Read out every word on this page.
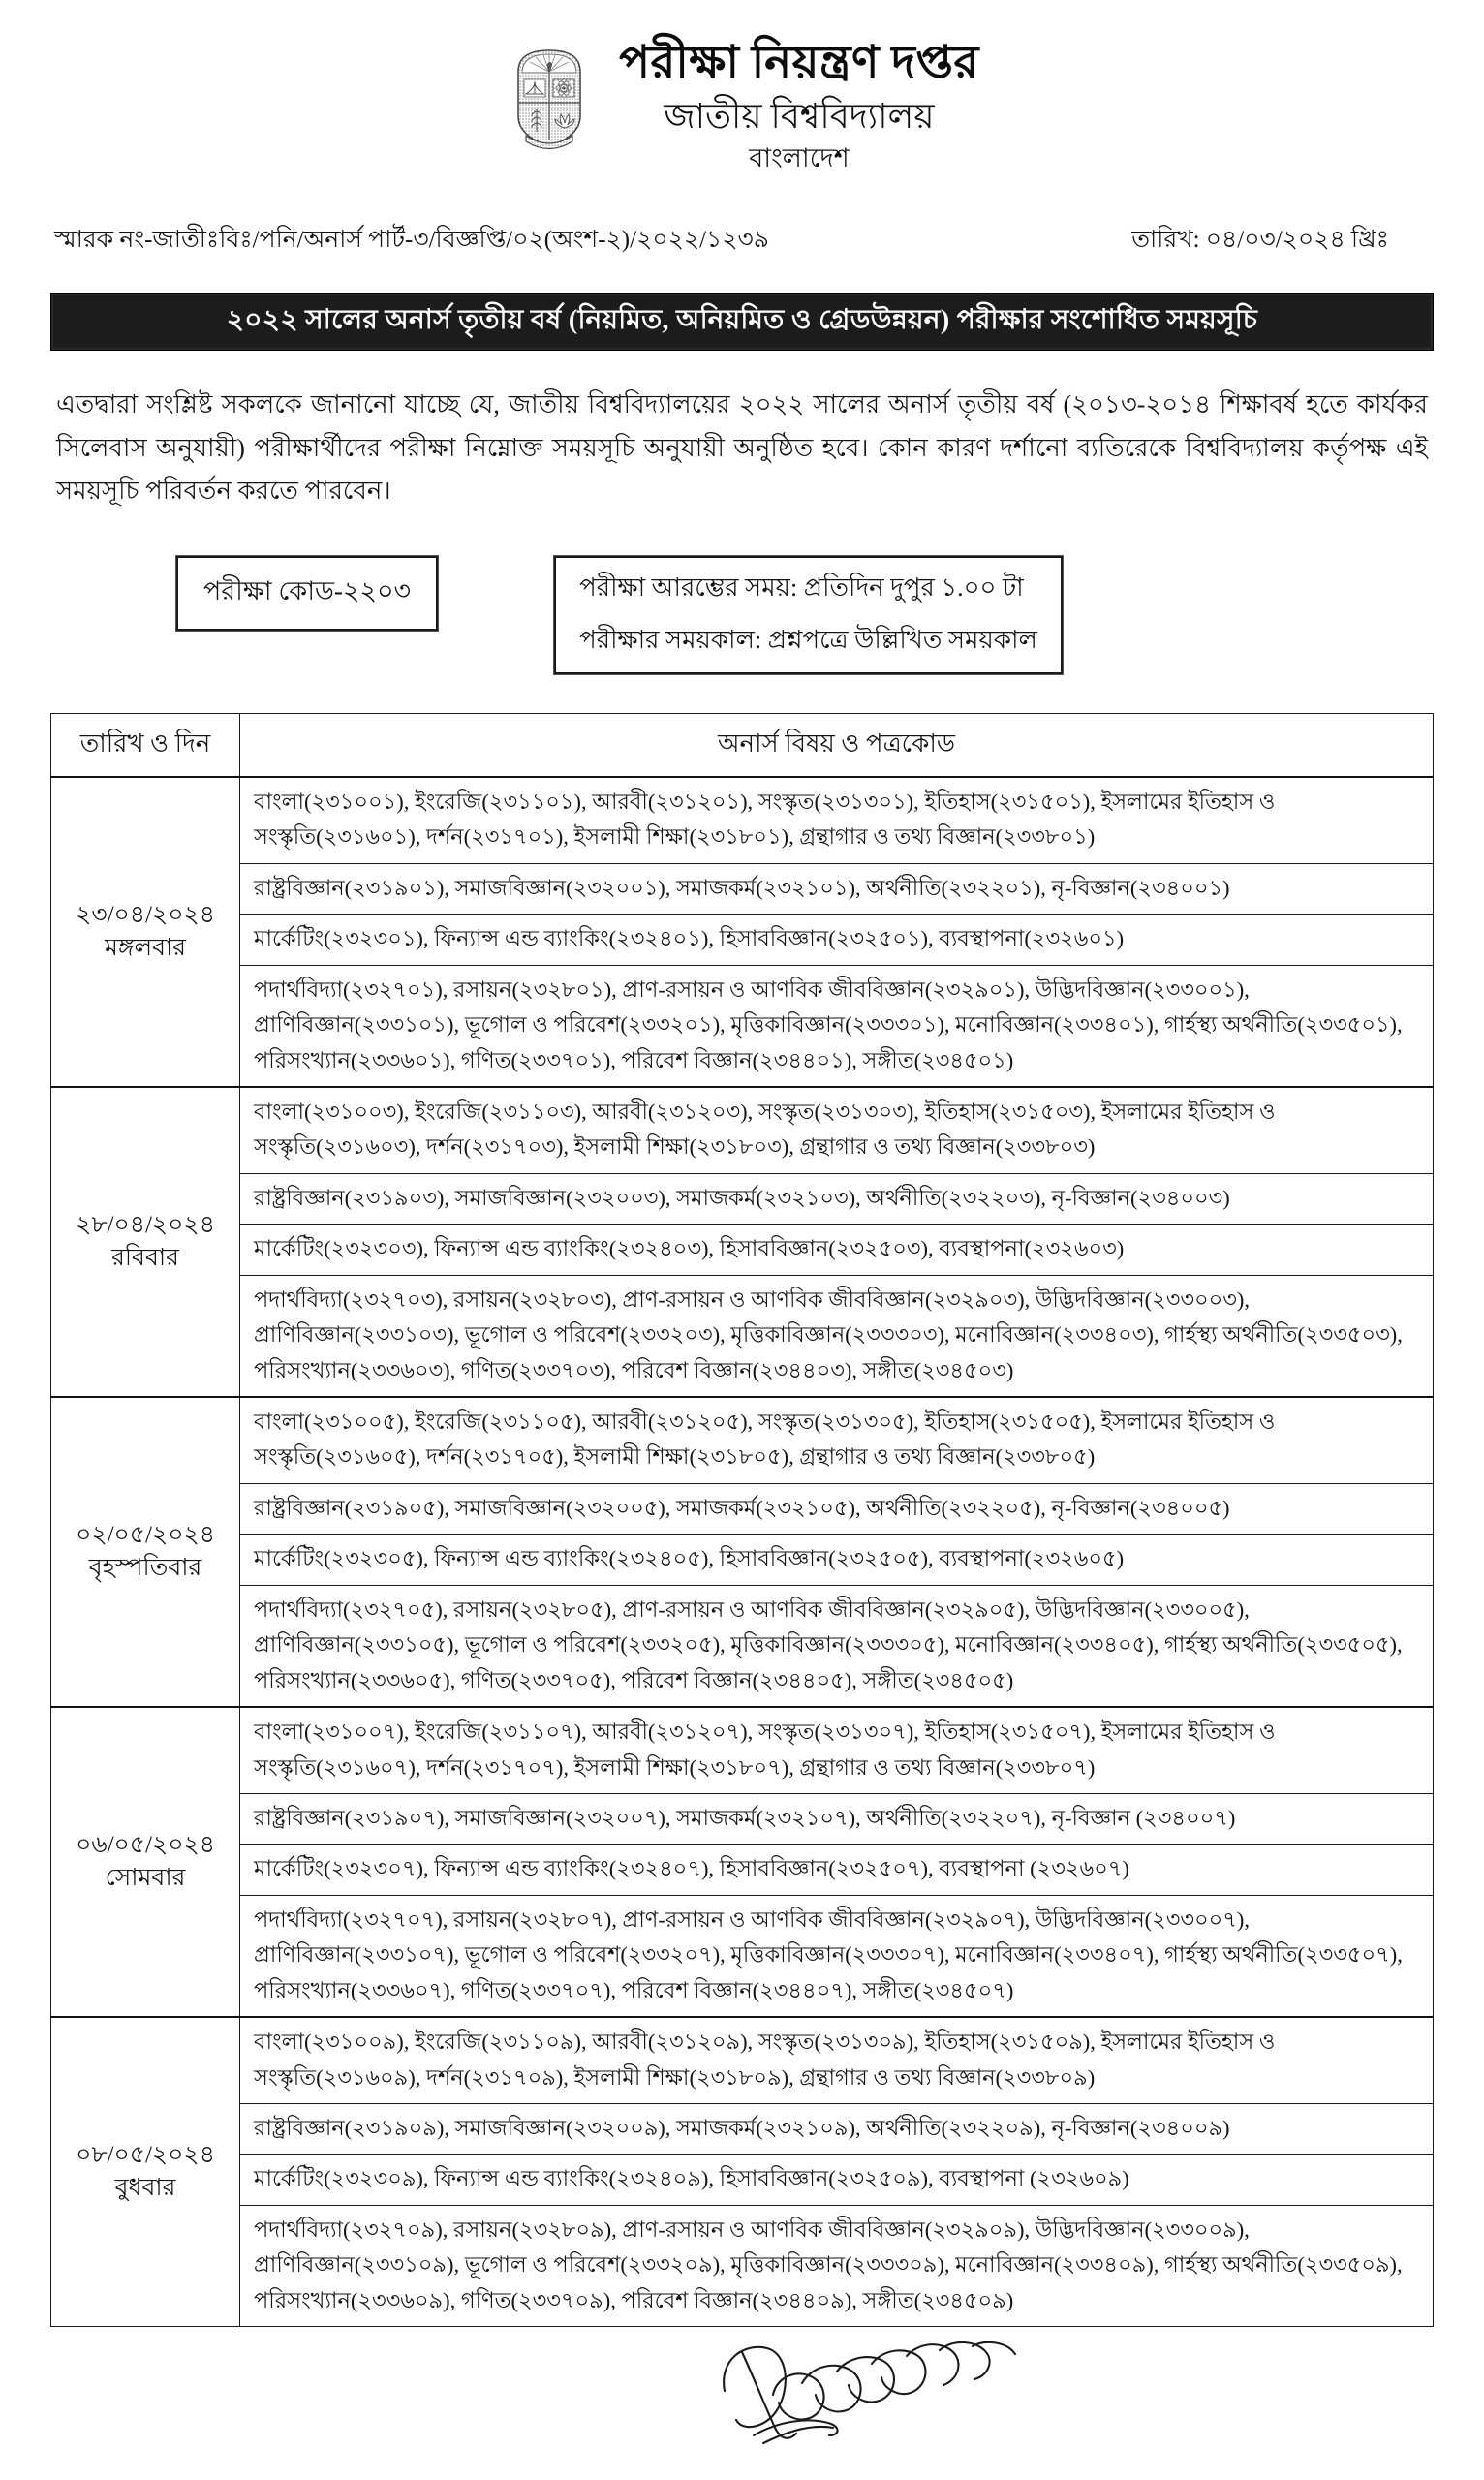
পরীক্ষা নিয়ন্ত্রণ দপ্তর
জাতীয় বিশ্ববিদ্যালয়
বাংলাদেশ
স্মারক নং-জাতীঃবিঃ/পনি/অনার্স পার্ট-৩/বিজ্ঞপ্তি/০২(অংশ-২)/২০২২/১২৩৯	তারিখ: ০৪/০৩/২০২৪ খ্রিঃ
২০২২ সালের অনার্স তৃতীয় বর্ষ (নিয়মিত, অনিয়মিত ও গ্রেডউন্নয়ন) পরীক্ষার সংশোধিত সময়সূচি
এতদ্বারা সংশ্লিষ্ট সকলকে জানানো যাচ্ছে যে, জাতীয় বিশ্ববিদ্যালয়ের ২০২২ সালের অনার্স তৃতীয় বর্ষ (২০১৩-২০১৪ শিক্ষাবর্ষ হতে কার্যকর সিলেবাস অনুযায়ী) পরীক্ষার্থীদের পরীক্ষা নিম্নোক্ত সময়সূচি অনুযায়ী অনুষ্ঠিত হবে। কোন কারণ দর্শানো ব্যতিরেকে বিশ্ববিদ্যালয় কর্তৃপক্ষ এই সময়সূচি পরিবর্তন করতে পারবেন।
পরীক্ষা কোড-২২০৩	পরীক্ষা আরম্ভের সময়: প্রতিদিন দুপুর ১.০০ টা
পরীক্ষার সময়কাল: প্রশ্নপত্রে উল্লিখিত সময়কাল
তারিখ ও দিন	অনার্স বিষয় ও পত্রকোড

২৩/০৪/২০২৪
মঙ্গলবার	বাংলা(২৩১০০১), ইংরেজি(২৩১১০১), আরবী(২৩১২০১), সংস্কৃত(২৩১৩০১), ইতিহাস(২৩১৫০১), ইসলামের ইতিহাস ও সংস্কৃতি(২৩১৬০১), দর্শন(২৩১৭০১), ইসলামী শিক্ষা(২৩১৮০১), গ্রন্থাগার ও তথ্য বিজ্ঞান(২৩৩৮০১)
	রাষ্ট্রবিজ্ঞান(২৩১৯০১), সমাজবিজ্ঞান(২৩২০০১), সমাজকর্ম(২৩২১০১), অর্থনীতি(২৩২২০১), নৃ-বিজ্ঞান(২৩৪০০১)
	মার্কেটিং(২৩২৩০১), ফিন্যান্স এন্ড ব্যাংকিং(২৩২৪০১), হিসাববিজ্ঞান(২৩২৫০১), ব্যবস্থাপনা(২৩২৬০১)
	পদার্থবিদ্যা(২৩২৭০১), রসায়ন(২৩২৮০১), প্রাণ-রসায়ন ও আণবিক জীববিজ্ঞান(২৩২৯০১), উদ্ভিদবিজ্ঞান(২৩৩০০১), প্রাণিবিজ্ঞান(২৩৩১০১), ভূগোল ও পরিবেশ(২৩৩২০১), মৃত্তিকাবিজ্ঞান(২৩৩৩০১), মনোবিজ্ঞান(২৩৩৪০১), গার্হস্থ্য অর্থনীতি(২৩৩৫০১), পরিসংখ্যান(২৩৩৬০১), গণিত(২৩৩৭০১), পরিবেশ বিজ্ঞান(২৩৪৪০১), সঙ্গীত(২৩৪৫০১)

২৮/০৪/২০২৪
রবিবার	বাংলা(২৩১০০৩), ইংরেজি(২৩১১০৩), আরবী(২৩১২০৩), সংস্কৃত(২৩১৩০৩), ইতিহাস(২৩১৫০৩), ইসলামের ইতিহাস ও সংস্কৃতি(২৩১৬০৩), দর্শন(২৩১৭০৩), ইসলামী শিক্ষা(২৩১৮০৩), গ্রন্থাগার ও তথ্য বিজ্ঞান(২৩৩৮০৩)
	রাষ্ট্রবিজ্ঞান(২৩১৯০৩), সমাজবিজ্ঞান(২৩২০০৩), সমাজকর্ম(২৩২১০৩), অর্থনীতি(২৩২২০৩), নৃ-বিজ্ঞান(২৩৪০০৩)
	মার্কেটিং(২৩২৩০৩), ফিন্যান্স এন্ড ব্যাংকিং(২৩২৪০৩), হিসাববিজ্ঞান(২৩২৫০৩), ব্যবস্থাপনা(২৩২৬০৩)
	পদার্থবিদ্যা(২৩২৭০৩), রসায়ন(২৩২৮০৩), প্রাণ-রসায়ন ও আণবিক জীববিজ্ঞান(২৩২৯০৩), উদ্ভিদবিজ্ঞান(২৩৩০০৩), প্রাণিবিজ্ঞান(২৩৩১০৩), ভূগোল ও পরিবেশ(২৩৩২০৩), মৃত্তিকাবিজ্ঞান(২৩৩৩০৩), মনোবিজ্ঞান(২৩৩৪০৩), গার্হস্থ্য অর্থনীতি(২৩৩৫০৩), পরিসংখ্যান(২৩৩৬০৩), গণিত(২৩৩৭০৩), পরিবেশ বিজ্ঞান(২৩৪৪০৩), সঙ্গীত(২৩৪৫০৩)

০২/০৫/২০২৪
বৃহস্পতিবার	বাংলা(২৩১০০৫), ইংরেজি(২৩১১০৫), আরবী(২৩১২০৫), সংস্কৃত(২৩১৩০৫), ইতিহাস(২৩১৫০৫), ইসলামের ইতিহাস ও সংস্কৃতি(২৩১৬০৫), দর্শন(২৩১৭০৫), ইসলামী শিক্ষা(২৩১৮০৫), গ্রন্থাগার ও তথ্য বিজ্ঞান(২৩৩৮০৫)
	রাষ্ট্রবিজ্ঞান(২৩১৯০৫), সমাজবিজ্ঞান(২৩২০০৫), সমাজকর্ম(২৩২১০৫), অর্থনীতি(২৩২২০৫), নৃ-বিজ্ঞান(২৩৪০০৫)
	মার্কেটিং(২৩২৩০৫), ফিন্যান্স এন্ড ব্যাংকিং(২৩২৪০৫), হিসাববিজ্ঞান(২৩২৫০৫), ব্যবস্থাপনা(২৩২৬০৫)
	পদার্থবিদ্যা(২৩২৭০৫), রসায়ন(২৩২৮০৫), প্রাণ-রসায়ন ও আণবিক জীববিজ্ঞান(২৩২৯০৫), উদ্ভিদবিজ্ঞান(২৩৩০০৫), প্রাণিবিজ্ঞান(২৩৩১০৫), ভূগোল ও পরিবেশ(২৩৩২০৫), মৃত্তিকাবিজ্ঞান(২৩৩৩০৫), মনোবিজ্ঞান(২৩৩৪০৫), গার্হস্থ্য অর্থনীতি(২৩৩৫০৫), পরিসংখ্যান(২৩৩৬০৫), গণিত(২৩৩৭০৫), পরিবেশ বিজ্ঞান(২৩৪৪০৫), সঙ্গীত(২৩৪৫০৫)

০৬/০৫/২০২৪
সোমবার	বাংলা(২৩১০০৭), ইংরেজি(২৩১১০৭), আরবী(২৩১২০৭), সংস্কৃত(২৩১৩০৭), ইতিহাস(২৩১৫০৭), ইসলামের ইতিহাস ও সংস্কৃতি(২৩১৬০৭), দর্শন(২৩১৭০৭), ইসলামী শিক্ষা(২৩১৮০৭), গ্রন্থাগার ও তথ্য বিজ্ঞান(২৩৩৮০৭)
	রাষ্ট্রবিজ্ঞান(২৩১৯০৭), সমাজবিজ্ঞান(২৩২০০৭), সমাজকর্ম(২৩২১০৭), অর্থনীতি(২৩২২০৭), নৃ-বিজ্ঞান (২৩৪০০৭)
	মার্কেটিং(২৩২৩০৭), ফিন্যান্স এন্ড ব্যাংকিং(২৩২৪০৭), হিসাববিজ্ঞান(২৩২৫০৭), ব্যবস্থাপনা (২৩২৬০৭)
	পদার্থবিদ্যা(২৩২৭০৭), রসায়ন(২৩২৮০৭), প্রাণ-রসায়ন ও আণবিক জীববিজ্ঞান(২৩২৯০৭), উদ্ভিদবিজ্ঞান(২৩৩০০৭), প্রাণিবিজ্ঞান(২৩৩১০৭), ভূগোল ও পরিবেশ(২৩৩২০৭), মৃত্তিকাবিজ্ঞান(২৩৩৩০৭), মনোবিজ্ঞান(২৩৩৪০৭), গার্হস্থ্য অর্থনীতি(২৩৩৫০৭), পরিসংখ্যান(২৩৩৬০৭), গণিত(২৩৩৭০৭), পরিবেশ বিজ্ঞান(২৩৪৪০৭), সঙ্গীত(২৩৪৫০৭)

০৮/০৫/২০২৪
বুধবার	বাংলা(২৩১০০৯), ইংরেজি(২৩১১০৯), আরবী(২৩১২০৯), সংস্কৃত(২৩১৩০৯), ইতিহাস(২৩১৫০৯), ইসলামের ইতিহাস ও সংস্কৃতি(২৩১৬০৯), দর্শন(২৩১৭০৯), ইসলামী শিক্ষা(২৩১৮০৯), গ্রন্থাগার ও তথ্য বিজ্ঞান(২৩৩৮০৯)
	রাষ্ট্রবিজ্ঞান(২৩১৯০৯), সমাজবিজ্ঞান(২৩২০০৯), সমাজকর্ম(২৩২১০৯), অর্থনীতি(২৩২২০৯), নৃ-বিজ্ঞান(২৩৪০০৯)
	মার্কেটিং(২৩২৩০৯), ফিন্যান্স এন্ড ব্যাংকিং(২৩২৪০৯), হিসাববিজ্ঞান(২৩২৫০৯), ব্যবস্থাপনা (২৩২৬০৯)
	পদার্থবিদ্যা(২৩২৭০৯), রসায়ন(২৩২৮০৯), প্রাণ-রসায়ন ও আণবিক জীববিজ্ঞান(২৩২৯০৯), উদ্ভিদবিজ্ঞান(২৩৩০০৯), প্রাণিবিজ্ঞান(২৩৩১০৯), ভূগোল ও পরিবেশ(২৩৩২০৯), মৃত্তিকাবিজ্ঞান(২৩৩৩০৯), মনোবিজ্ঞান(২৩৩৪০৯), গার্হস্থ্য অর্থনীতি(২৩৩৫০৯), পরিসংখ্যান(২৩৩৬০৯), গণিত(২৩৩৭০৯), পরিবেশ বিজ্ঞান(২৩৪৪০৯), সঙ্গীত(২৩৪৫০৯)
